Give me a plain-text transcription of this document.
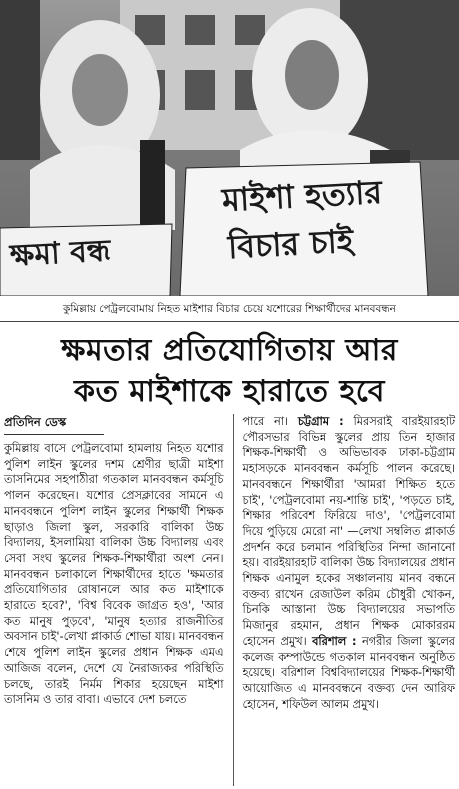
ক্ষমা বন্ধ
মাইশা হত্যার
বিচার চাই
কুমিল্লায় পেট্রলবোমায় নিহত মাইশার বিচার চেয়ে যশোরের শিক্ষার্থীদের মানববন্ধন
ক্ষমতার প্রতিযোগিতায় আর
কত মাইশাকে হারাতে হবে
প্রতিদিন ডেস্ক

কুমিল্লায় বাসে পেট্রলবোমা হামলায় নিহত যশোর পুলিশ লাইন স্কুলের দশম শ্রেণীর ছাত্রী মাইশা তাসনিমের সহপাঠীরা গতকাল মানববন্ধন কর্মসূচি পালন করেছেন। যশোর প্রেসক্লাবের সামনে এ মানববন্ধনে পুলিশ লাইন স্কুলের শিক্ষার্থী শিক্ষক ছাড়াও জিলা স্কুল, সরকারি বালিকা উচ্চ বিদ্যালয়, ইসলামিয়া বালিকা উচ্চ বিদ্যালয় এবং সেবা সংঘ স্কুলের শিক্ষক-শিক্ষার্থীরা অংশ নেন। মানববন্ধন চলাকালে শিক্ষার্থীদের হাতে 'ক্ষমতার প্রতিযোগিতার রোষানলে আর কত মাইশাকে হারাতে হবে?', 'বিশ্ব বিবেক জাগ্রত হও', 'আর কত মানুষ পুড়বে', 'মানুষ হত্যার রাজনীতির অবসান চাই'-লেখা প্লাকার্ড শোভা যায়। মানববন্ধন শেষে পুলিশ লাইন স্কুলের প্রধান শিক্ষক এমএ আজিজ বলেন, দেশে যে নৈরাজ্যকর পরিস্থিতি চলছে, তারই নির্মম শিকার হয়েছেন মাইশা তাসনিম ও তার বাবা। এভাবে দেশ চলতে

পারে না। চট্টগ্রাম : মিরসরাই বারইয়ারহাট পৌরসভার বিভিন্ন স্কুলের প্রায় তিন হাজার শিক্ষক-শিক্ষার্থী ও অভিভাবক ঢাকা-চট্টগ্রাম মহাসড়কে মানববন্ধন কর্মসূচি পালন করেছে। মানববন্ধনে শিক্ষার্থীরা 'আমরা শিক্ষিত হতে চাই', 'পেট্রলবোমা নয়-শান্তি চাই', 'পড়তে চাই, শিক্ষার পরিবেশ ফিরিয়ে দাও', 'পেট্রলবোমা দিয়ে পুড়িয়ে মেরো না' —লেখা সম্বলিত প্লাকার্ড প্রদর্শন করে চলমান পরিস্থিতির নিন্দা জানানো হয়। বারইয়ারহাট বালিকা উচ্চ বিদ্যালয়ের প্রধান শিক্ষক এনামুল হকের সঞ্চালনায় মানব বন্ধনে বক্তব্য রাখেন রেজাউল করিম চৌধুরী খোকন, চিনকি আস্তানা উচ্চ বিদ্যালয়ের সভাপতি মিজানুর রহমান, প্রধান শিক্ষক মোকাররম হোসেন প্রমুখ। বরিশাল : নগরীর জিলা স্কুলের কলেজ কম্পাউন্ডে গতকাল মানববন্ধন অনুষ্ঠিত হয়েছে। বরিশাল বিশ্ববিদ্যালয়ের শিক্ষক-শিক্ষার্থী আয়োজিত এ মানববন্ধনে বক্তব্য দেন আরিফ হোসেন, শফিউল আলম প্রমুখ।
